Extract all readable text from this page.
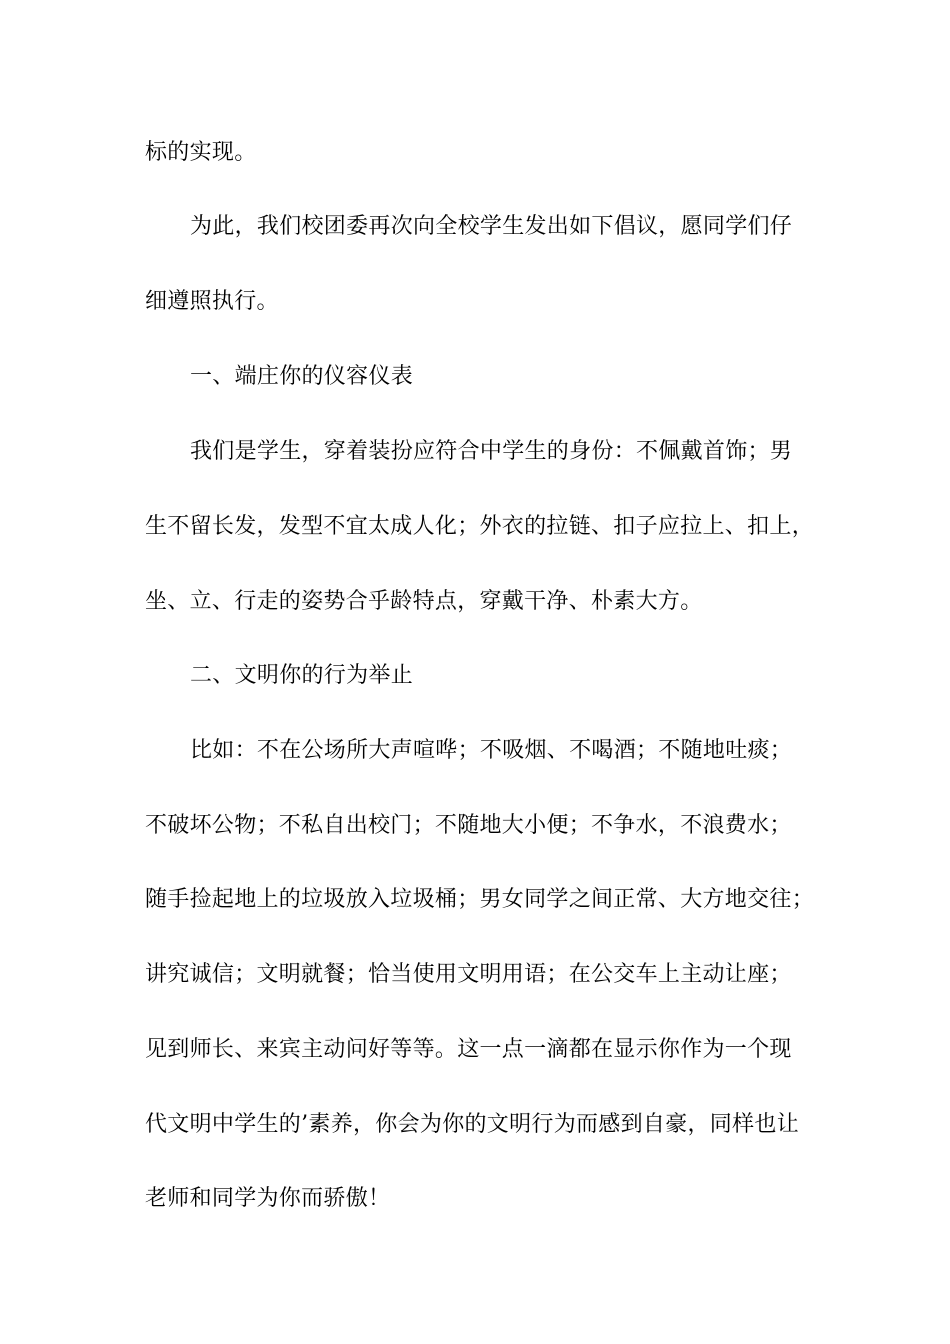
标的实现。
为此，我们校团委再次向全校学生发出如下倡议，愿同学们仔
细遵照执行。
一、端庄你的仪容仪表
我们是学生，穿着装扮应符合中学生的身份：不佩戴首饰；男
生不留长发，发型不宜太成人化；外衣的拉链、扣子应拉上、扣上，
坐、立、行走的姿势合乎龄特点，穿戴干净、朴素大方。
二、文明你的行为举止
比如：不在公场所大声喧哗；不吸烟、不喝酒；不随地吐痰；
不破坏公物；不私自出校门；不随地大小便；不争水，不浪费水；
随手捡起地上的垃圾放入垃圾桶；男女同学之间正常、大方地交往；
讲究诚信；文明就餐；恰当使用文明用语；在公交车上主动让座；
见到师长、来宾主动问好等等。这一点一滴都在显示你作为一个现
代文明中学生的’素养，你会为你的文明行为而感到自豪，同样也让
老师和同学为你而骄傲！
